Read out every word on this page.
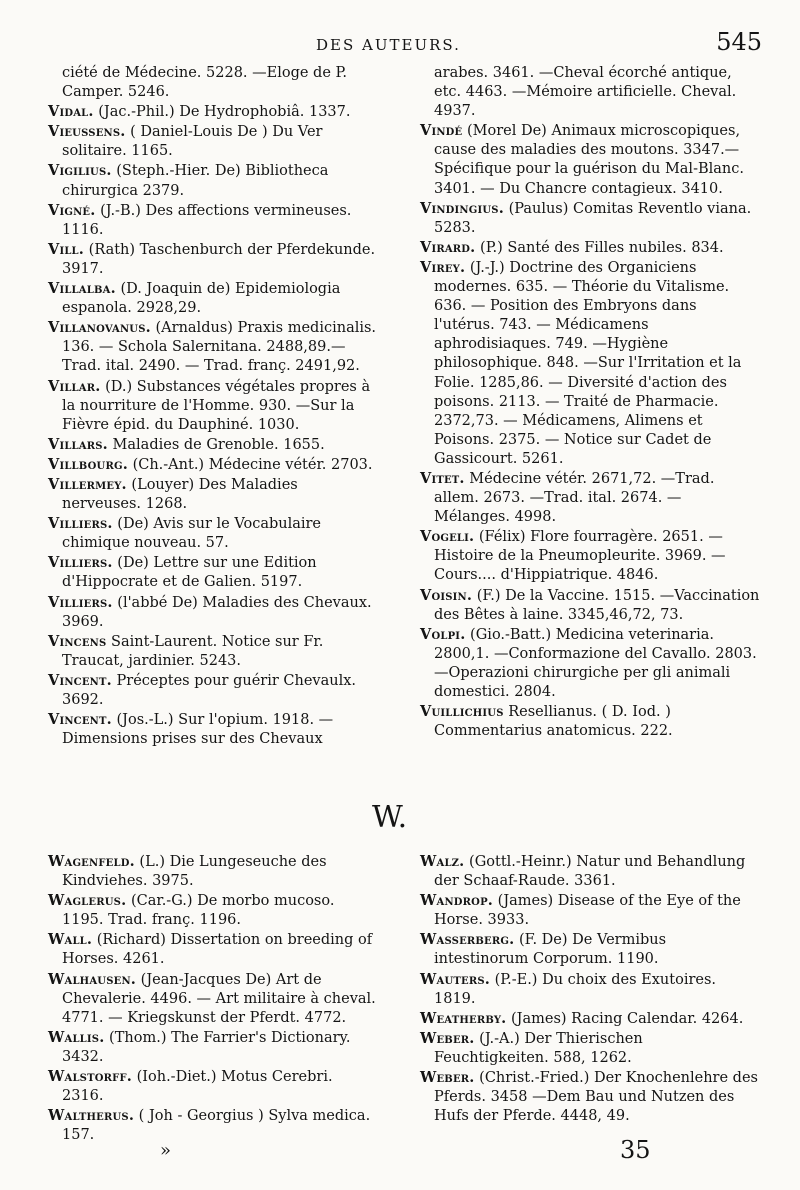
DES AUTEURS.	545

ciété de Médecine. 5228. —Eloge de P. Camper. 5246.

Vidal. (Jac.-Phil.) De Hydrophobiâ. 1337.

Vieussens. ( Daniel-Louis De ) Du Ver solitaire. 1165.

Vigilius. (Steph.-Hier. De) Bibliotheca chirurgica 2379.

Vigné. (J.-B.) Des affections vermineuses. 1116.

Vill. (Rath) Taschenburch der Pferdekunde. 3917.

Villalba. (D. Joaquin de) Epidemiologia espanola. 2928,29.

Villanovanus. (Arnaldus) Praxis medicinalis. 136. — Schola Salernitana. 2488,89.— Trad. ital. 2490. — Trad. franç. 2491,92.

Villar. (D.) Substances végétales propres à la nourriture de l'Homme. 930. —Sur la Fièvre épid. du Dauphiné. 1030.

Villars. Maladies de Grenoble. 1655.

Villbourg. (Ch.-Ant.) Médecine vétér. 2703.

Villermey. (Louyer) Des Maladies nerveuses. 1268.

Villiers. (De) Avis sur le Vocabulaire chimique nouveau. 57.

Villiers. (De) Lettre sur une Edition d'Hippocrate et de Galien. 5197.

Villiers. (l'abbé De) Maladies des Chevaux. 3969.

Vincens Saint-Laurent. Notice sur Fr. Traucat, jardinier. 5243.

Vincent. Préceptes pour guérir Chevaulx. 3692.

Vincent. (Jos.-L.) Sur l'opium. 1918. —Dimensions prises sur des Chevaux

arabes. 3461. —Cheval écorché antique, etc. 4463. —Mémoire artificielle. Cheval. 4937.

Vindé (Morel De) Animaux microscopiques, cause des maladies des moutons. 3347.— Spécifique pour la guérison du Mal-Blanc. 3401. — Du Chancre contagieux. 3410.

Vindingius. (Paulus) Comitas Reventlo viana. 5283.

Virard. (P.) Santé des Filles nubiles. 834.

Virey. (J.-J.) Doctrine des Organiciens modernes. 635. — Théorie du Vitalisme. 636. — Position des Embryons dans l'utérus. 743. — Médicamens aphrodisiaques. 749. —Hygiène philosophique. 848. —Sur l'Irritation et la Folie. 1285,86. — Diversité d'action des poisons. 2113. — Traité de Pharmacie. 2372,73. — Médicamens, Alimens et Poisons. 2375. — Notice sur Cadet de Gassicourt. 5261.

Vitet. Médecine vétér. 2671,72. —Trad. allem. 2673. —Trad. ital. 2674. — Mélanges. 4998.

Vogeli. (Félix) Flore fourragère. 2651. — Histoire de la Pneumopleurite. 3969. — Cours.... d'Hippiatrique. 4846.

Voisin. (F.) De la Vaccine. 1515. —Vaccination des Bêtes à laine. 3345,46,72, 73.

Volpi. (Gio.-Batt.) Medicina veterinaria. 2800,1. —Conformazione del Cavallo. 2803. —Operazioni chirurgiche per gli animali domestici. 2804.

Vuillichius Resellianus. ( D. Iod. ) Commentarius anatomicus. 222.

W.

Wagenfeld. (L.) Die Lungeseuche des Kindviehes. 3975.

Waglerus. (Car.-G.) De morbo mucoso. 1195. Trad. franç. 1196.

Wall. (Richard) Dissertation on breeding of Horses. 4261.

Walhausen. (Jean-Jacques De) Art de Chevalerie. 4496. — Art militaire à cheval. 4771. — Kriegskunst der Pferdt. 4772.

Wallis. (Thom.) The Farrier's Dictionary. 3432.

Walstorff. (Ioh.-Diet.) Motus Cerebri. 2316.

Waltherus. ( Joh - Georgius ) Sylva medica. 157.

Walz. (Gottl.-Heinr.) Natur und Behandlung der Schaaf-Raude. 3361.

Wandrop. (James) Disease of the Eye of the Horse. 3933.

Wasserberg. (F. De) De Vermibus intestinorum Corporum. 1190.

Wauters. (P.-E.) Du choix des Exutoires. 1819.

Weatherby. (James) Racing Calendar. 4264.

Weber. (J.-A.) Der Thierischen Feuchtigkeiten. 588, 1262.

Weber. (Christ.-Fried.) Der Knochenlehre des Pferds. 3458 —Dem Bau und Nutzen des Hufs der Pferde. 4448, 49.

»	35
